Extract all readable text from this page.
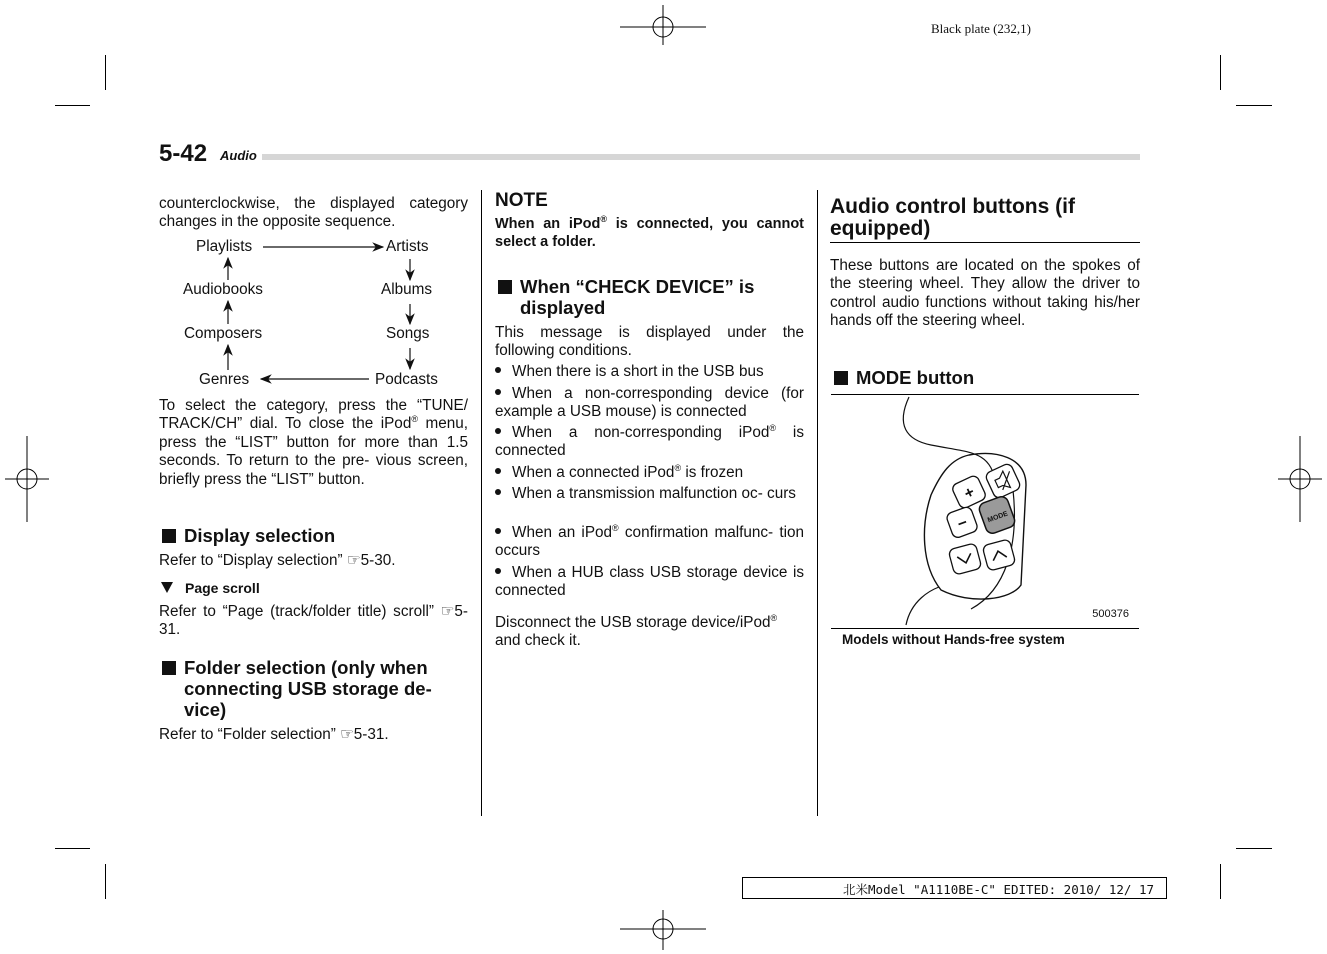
Black plate (232,1)
5-42 Audio
counterclockwise, the displayed category changes in the opposite sequence.
Playlists	Artists
Audiobooks	Albums
Composers	Songs
Genres	Podcasts
To select the category, press the “TUNE/ TRACK/CH” dial. To close the iPod® menu, press the “LIST” button for more than 1.5 seconds. To return to the pre- vious screen, briefly press the “LIST” button.
Display selection
Refer to “Display selection” ☞5-30.
Page scroll
Refer to “Page (track/folder title) scroll” ☞5-31.
Folder selection (only when connecting USB storage de- vice)
Refer to “Folder selection” ☞5-31.
NOTE
When an iPod® is connected, you cannot select a folder.
When “CHECK DEVICE” is displayed
This message is displayed under the following conditions.
When there is a short in the USB bus
When a non-corresponding device (for example a USB mouse) is connected
When a non-corresponding iPod® is connected
When a connected iPod® is frozen
When a transmission malfunction oc- curs
When an iPod® confirmation malfunc- tion occurs
When a HUB class USB storage device is connected
Disconnect the USB storage device/iPod® and check it.
Audio control buttons (if equipped)
These buttons are located on the spokes of the steering wheel. They allow the driver to control audio functions without taking his/her hands off the steering wheel.
MODE button
+
− MODE
500376
Models without Hands-free system
北米Model "A1110BE-C" EDITED: 2010/ 12/ 17
